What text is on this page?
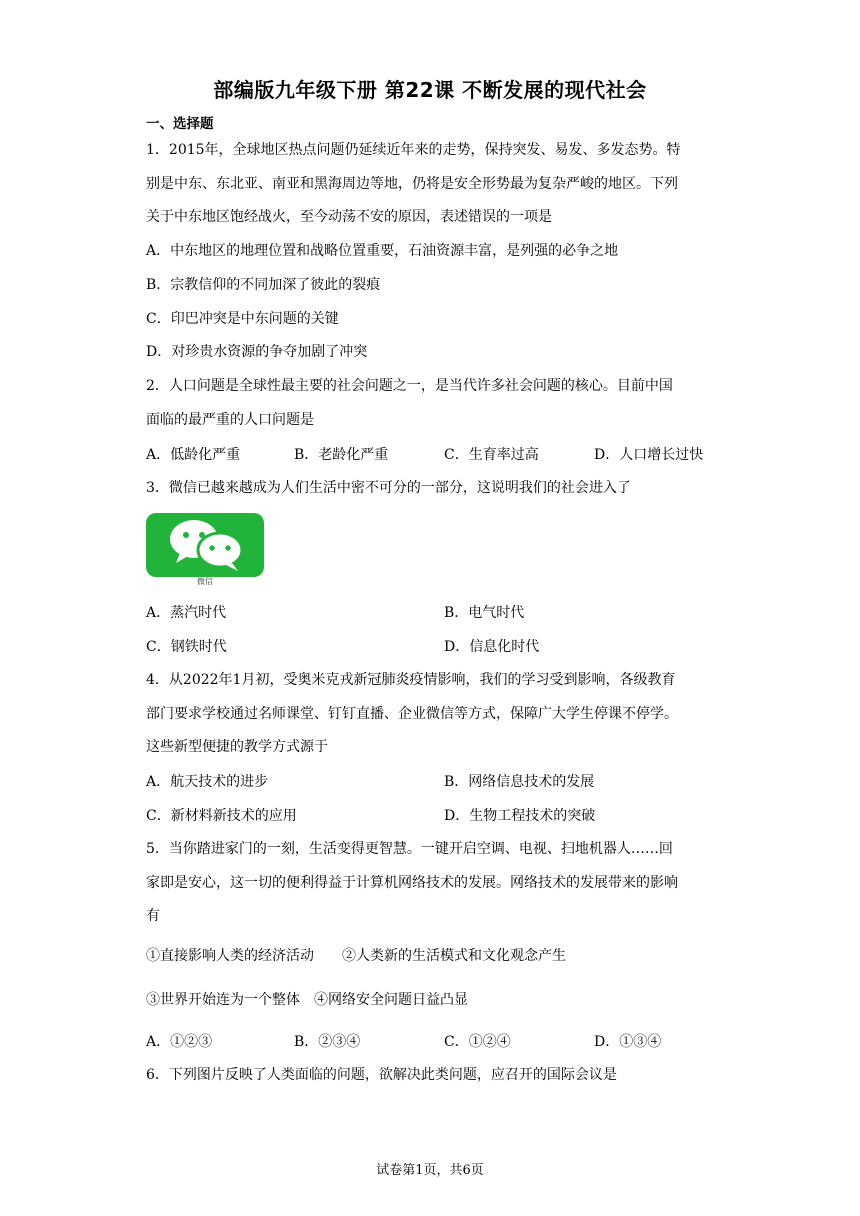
部编版九年级下册 第22课 不断发展的现代社会
一、选择题
1．2015年，全球地区热点问题仍延续近年来的走势，保持突发、易发、多发态势。特
别是中东、东北亚、南亚和黑海周边等地，仍将是安全形势最为复杂严峻的地区。下列
关于中东地区饱经战火，至今动荡不安的原因，表述错误的一项是
A．中东地区的地理位置和战略位置重要，石油资源丰富，是列强的必争之地
B．宗教信仰的不同加深了彼此的裂痕
C．印巴冲突是中东问题的关键
D．对珍贵水资源的争夺加剧了冲突
2．人口问题是全球性最主要的社会问题之一，是当代许多社会问题的核心。目前中国
面临的最严重的人口问题是
A．低龄化严重	B．老龄化严重	C．生育率过高	D．人口增长过快
3．微信已越来越成为人们生活中密不可分的一部分，这说明我们的社会进入了
微信
A．蒸汽时代	B．电气时代
C．钢铁时代	D．信息化时代
4．从2022年1月初，受奥米克戎新冠肺炎疫情影响，我们的学习受到影响，各级教育
部门要求学校通过名师课堂、钉钉直播、企业微信等方式，保障广大学生停课不停学。
这些新型便捷的教学方式源于
A．航天技术的进步	B．网络信息技术的发展
C．新材料新技术的应用	D．生物工程技术的突破
5．当你踏进家门的一刻，生活变得更智慧。一键开启空调、电视、扫地机器人……回
家即是安心，这一切的便利得益于计算机网络技术的发展。网络技术的发展带来的影响
有
①直接影响人类的经济活动　　②人类新的生活模式和文化观念产生
③世界开始连为一个整体　④网络安全问题日益凸显
A．①②③	B．②③④	C．①②④	D．①③④
6．下列图片反映了人类面临的问题，欲解决此类问题，应召开的国际会议是
试卷第1页，共6页
